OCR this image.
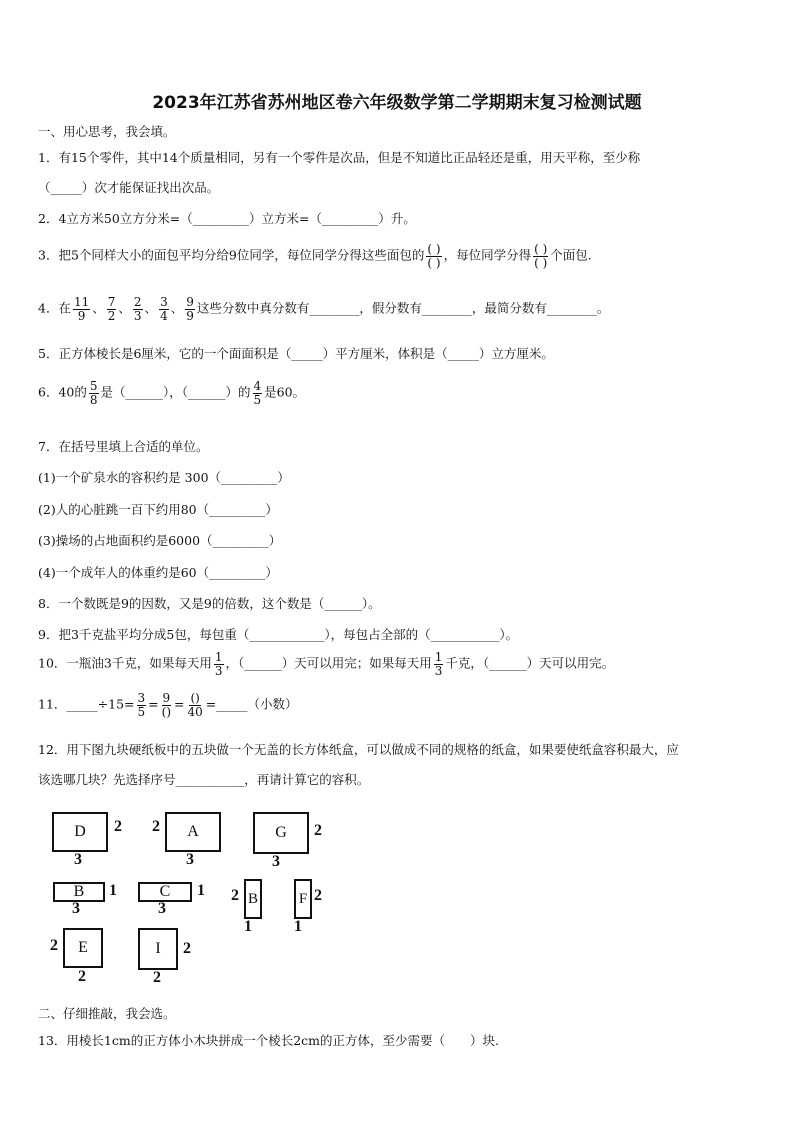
2023年江苏省苏州地区卷六年级数学第二学期期末复习检测试题
一、用心思考，我会填。
1．有15个零件，其中14个质量相同，另有一个零件是次品，但是不知道比正品轻还是重，用天平称，至少称
（_____）次才能保证找出次品。
2．4立方米50立方分米=（_________）立方米=（_________）升。
3．把5个同样大小的面包平均分给9位同学，每位同学分得这些面包的 $\frac{( )}{( )}$ ，每位同学分得 $\frac{( )}{( )}$ 个面包.
4．在 $\frac{11}{9}$ 、 $\frac{7}{2}$ 、 $\frac{2}{3}$ 、 $\frac{3}{4}$ 、 $\frac{9}{9}$ 这些分数中真分数有________，假分数有________，最简分数有________。
5．正方体棱长是6厘米，它的一个面面积是（_____）平方厘米，体积是（_____）立方厘米。
6．40的 $\frac{5}{8}$ 是（______），（______）的 $\frac{4}{5}$ 是60。
7．在括号里填上合适的单位。
(1)一个矿泉水的容积约是 300（_________）
(2)人的心脏跳一百下约用80（_________）
(3)操场的占地面积约是6000（_________）
(4)一个成年人的体重约是60（_________）
8．一个数既是9的因数，又是9的倍数，这个数是（______）。
9．把3千克盐平均分成5包，每包重（____________），每包占全部的（___________）。
10．一瓶油3千克，如果每天用 $\frac{1}{3}$ ，（______）天可以用完；如果每天用 $\frac{1}{3}$ 千克，（______）天可以用完。
11．_____÷15= $\frac{3}{5} = \frac{9}{()} = \frac{()}{40}$ =_____（小数）
12．用下图九块硬纸板中的五块做一个无盖的长方体纸盒，可以做成不同的规格的纸盒，如果要使纸盒容积最大，应
该选哪几块？先选择序号___________，再请计算它的容积。
D	2
3
A
2
3
G	2
3
B	1
3
C	1
3
B
2
1
F 2
1
E
2
2
I	2
2
二、仔细推敲，我会选。
13．用棱长1cm的正方体小木块拼成一个棱长2cm的正方体，至少需要（　　）块.
